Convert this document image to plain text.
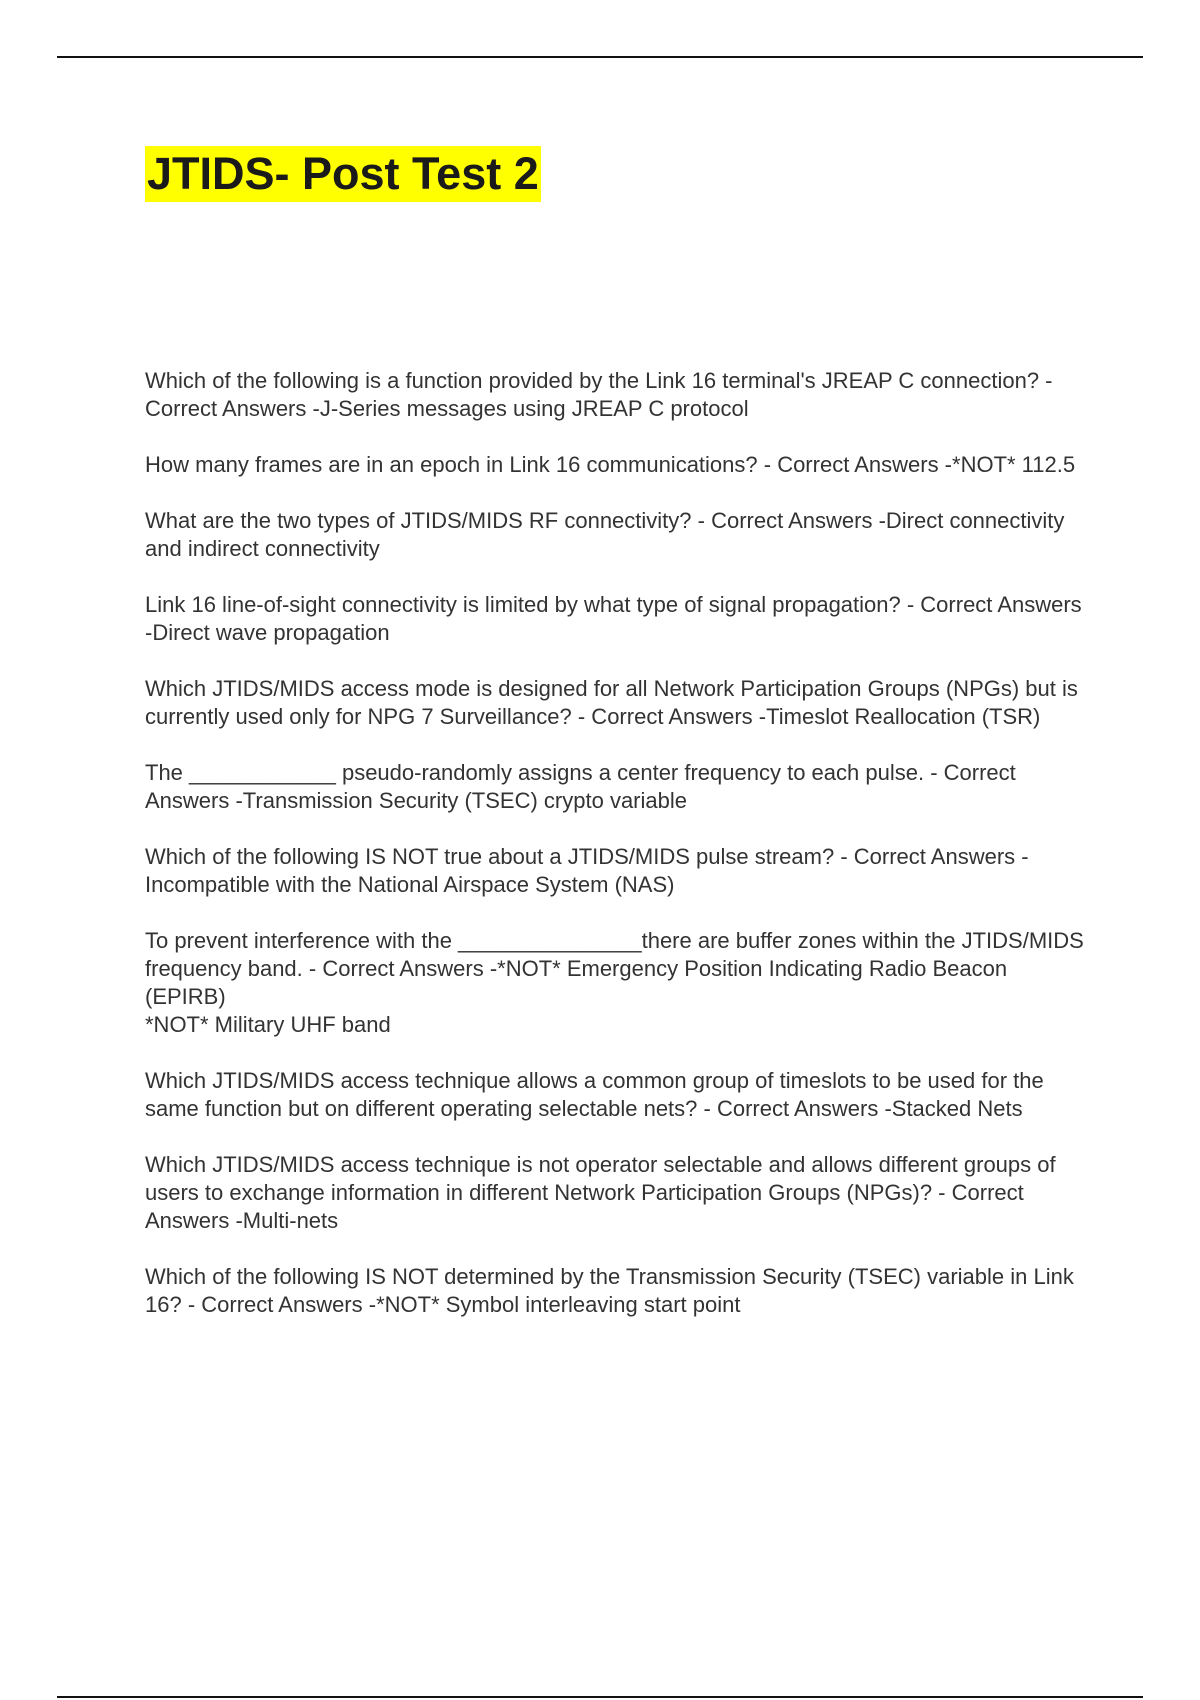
JTIDS- Post Test 2
Which of the following is a function provided by the Link 16 terminal's JREAP C connection? - Correct Answers -J-Series messages using JREAP C protocol
How many frames are in an epoch in Link 16 communications? - Correct Answers -*NOT* 112.5
What are the two types of JTIDS/MIDS RF connectivity? - Correct Answers -Direct connectivity and indirect connectivity
Link 16 line-of-sight connectivity is limited by what type of signal propagation? - Correct Answers -Direct wave propagation
Which JTIDS/MIDS access mode is designed for all Network Participation Groups (NPGs) but is currently used only for NPG 7 Surveillance? - Correct Answers -Timeslot Reallocation (TSR)
The ____________ pseudo-randomly assigns a center frequency to each pulse. - Correct Answers -Transmission Security (TSEC) crypto variable
Which of the following IS NOT true about a JTIDS/MIDS pulse stream? - Correct Answers -Incompatible with the National Airspace System (NAS)
To prevent interference with the _______________there are buffer zones within the JTIDS/MIDS frequency band. - Correct Answers -*NOT* Emergency Position Indicating Radio Beacon (EPIRB)
*NOT* Military UHF band
Which JTIDS/MIDS access technique allows a common group of timeslots to be used for the same function but on different operating selectable nets? - Correct Answers -Stacked Nets
Which JTIDS/MIDS access technique is not operator selectable and allows different groups of users to exchange information in different Network Participation Groups (NPGs)? - Correct Answers -Multi-nets
Which of the following IS NOT determined by the Transmission Security (TSEC) variable in Link 16? - Correct Answers -*NOT* Symbol interleaving start point
